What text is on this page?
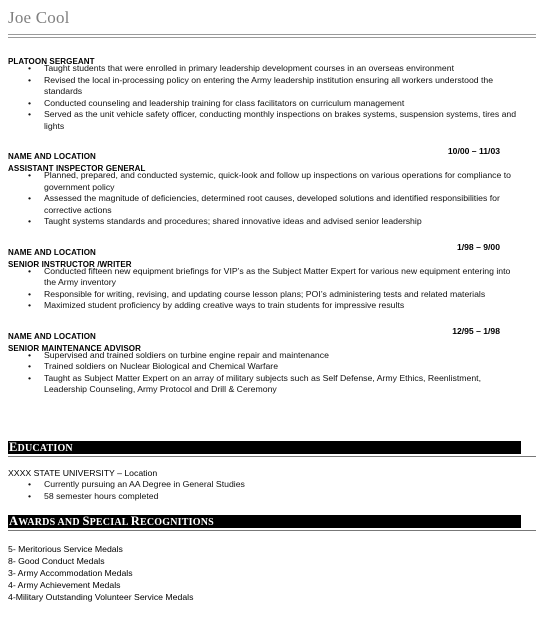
Joe Cool
PLATOON SERGEANT
• Taught students that were enrolled in primary leadership development courses in an overseas environment
• Revised the local in-processing policy on entering the Army leadership institution ensuring all workers understood the standards
• Conducted counseling and leadership training for class facilitators on curriculum management
• Served as the unit vehicle safety officer, conducting monthly inspections on brakes systems, suspension systems, tires and lights
NAME AND LOCATION
10/00 – 11/03
ASSISTANT INSPECTOR GENERAL
• Planned, prepared, and conducted systemic, quick-look and follow up inspections on various operations for compliance to government policy
• Assessed the magnitude of deficiencies, determined root causes, developed solutions and identified responsibilities for corrective actions
• Taught systems standards and procedures; shared innovative ideas and advised senior leadership
NAME AND LOCATION
1/98 – 9/00
SENIOR INSTRUCTOR /WRITER
• Conducted fifteen new equipment briefings for VIP’s as the Subject Matter Expert for various new equipment entering into the Army inventory
• Responsible for writing, revising, and updating course lesson plans; POI’s administering tests and related materials
• Maximized student proficiency by adding creative ways to train students for impressive results
NAME AND LOCATION
12/95 – 1/98
SENIOR MAINTENANCE ADVISOR
• Supervised and trained soldiers on turbine engine repair and maintenance
• Trained soldiers on Nuclear Biological and Chemical Warfare
• Taught as Subject Matter Expert on an array of military subjects such as Self Defense, Army Ethics, Reenlistment, Leadership Counseling, Army Protocol and Drill & Ceremony
EDUCATION
XXXX STATE UNIVERSITY – Location
• Currently pursuing an AA Degree in General Studies
• 58 semester hours completed
AWARDS AND SPECIAL RECOGNITIONS
5- Meritorious Service Medals
8- Good Conduct Medals
3- Army Accommodation Medals
4- Army Achievement Medals
4-Military Outstanding Volunteer Service Medals
